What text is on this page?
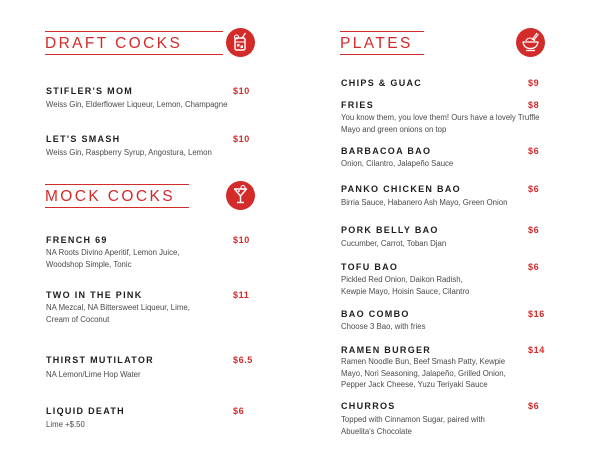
DRAFT COCKS
STIFLER'S MOM	$10
Weiss Gin, Elderflower Liqueur, Lemon, Champagne
LET'S SMASH	$10
Weiss Gin, Raspberry Syrup, Angostura, Lemon
MOCK COCKS
FRENCH 69	$10
NA Roots Divino Aperitif, Lemon Juice, Woodshop Simple, Tonic
TWO IN THE PINK	$11
NA Mezcal, NA Bittersweet Liqueur, Lime, Cream of Coconut
THIRST MUTILATOR	$6.5
NA Lemon/Lime Hop Water
LIQUID DEATH	$6
Lime +$.50
PLATES
CHIPS & GUAC	$9
FRIES	$8
You know them, you love them! Ours have a lovely Truffle Mayo and green onions on top
BARBACOA BAO	$6
Onion, Cilantro, Jalapeño Sauce
PANKO CHICKEN BAO	$6
Birria Sauce, Habanero Ash Mayo, Green Onion
PORK BELLY BAO	$6
Cucumber, Carrot, Toban Djan
TOFU BAO	$6
Pickled Red Onion, Daikon Radish, Kewpie Mayo, Hoisin Sauce, Cilantro
BAO COMBO	$16
Choose 3 Bao, with fries
RAMEN BURGER	$14
Ramen Noodle Bun, Beef Smash Patty, Kewpie Mayo, Nori Seasoning, Jalapeño, Grilled Onion, Pepper Jack Cheese, Yuzu Teriyaki Sauce
CHURROS	$6
Topped with Cinnamon Sugar, paired with Abuelita's Chocolate
